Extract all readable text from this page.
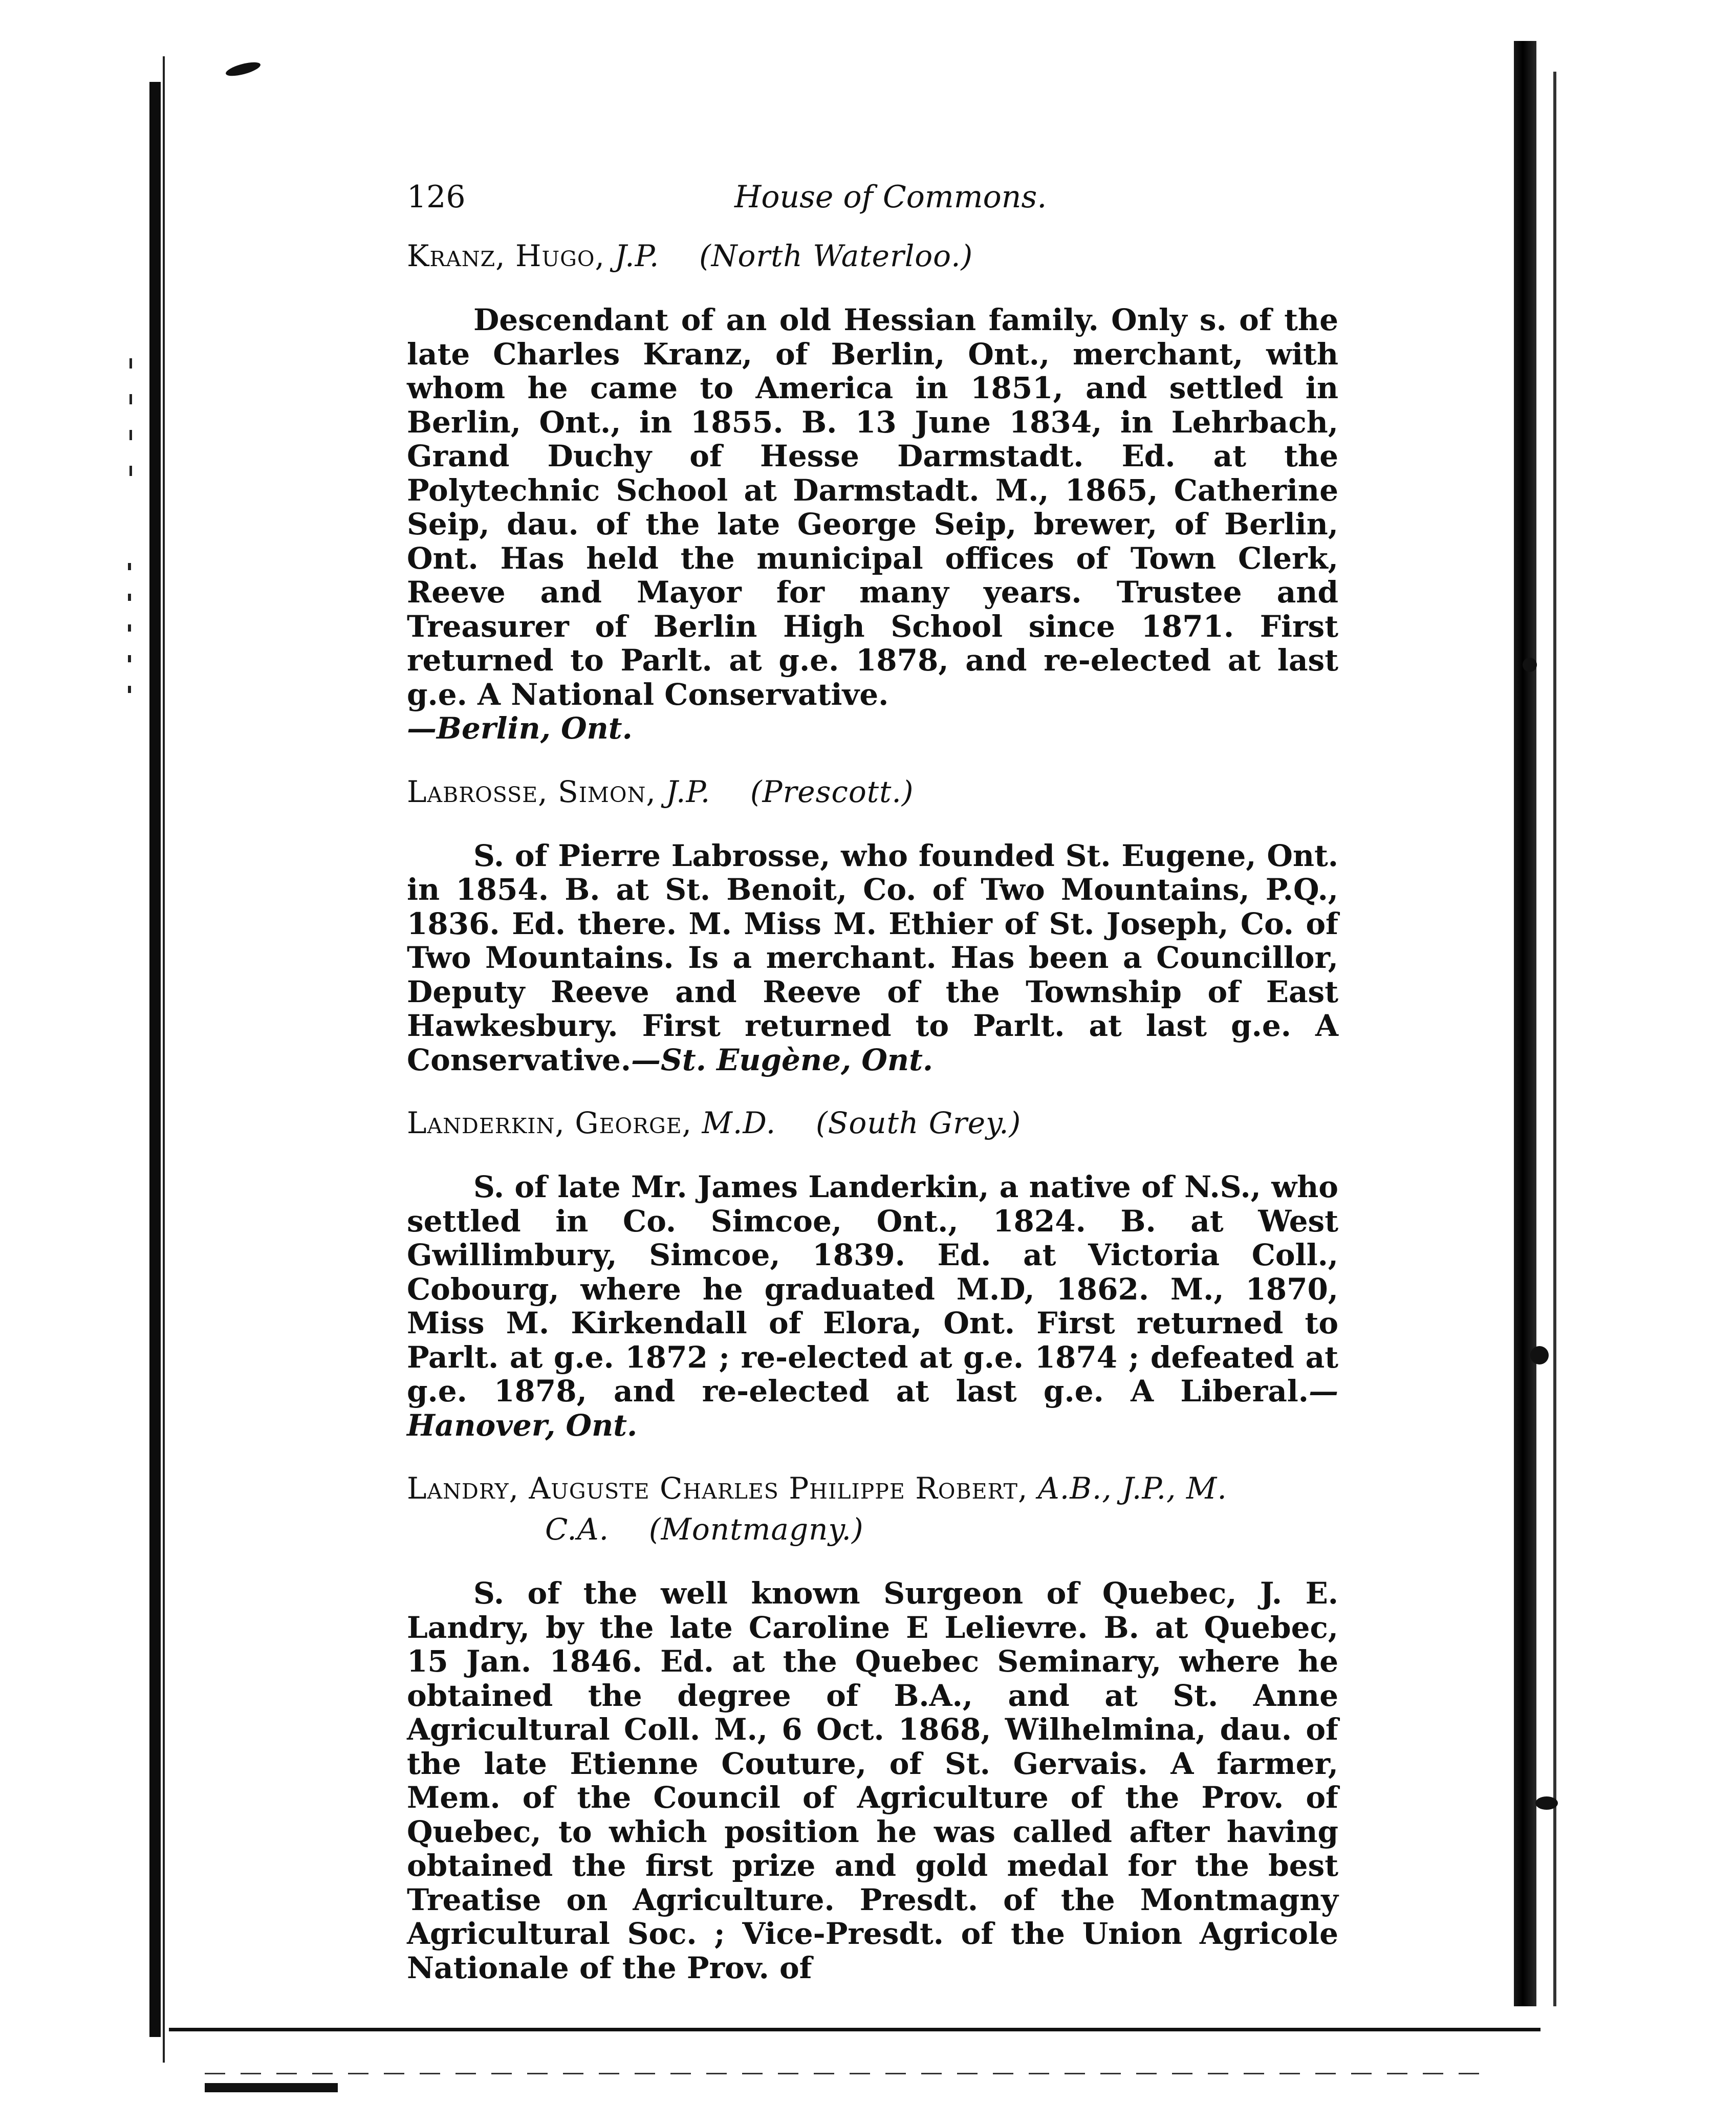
126	House of Commons.
Kranz, Hugo, J.P. (North Waterloo.)

Descendant of an old Hessian family. Only s. of the late Charles Kranz, of Berlin, Ont., merchant, with whom he came to America in 1851, and settled in Berlin, Ont., in 1855. B. 13 June 1834, in Lehrbach, Grand Duchy of Hesse Darmstadt. Ed. at the Polytechnic School at Darmstadt. M., 1865, Catherine Seip, dau. of the late George Seip, brewer, of Berlin, Ont. Has held the municipal offices of Town Clerk, Reeve and Mayor for many years. Trustee and Treasurer of Berlin High School since 1871. First returned to Parlt. at g.e. 1878, and re-elected at last g.e. A National Conservative.
—Berlin, Ont.

Labrosse, Simon, J.P. (Prescott.)

S. of Pierre Labrosse, who founded St. Eugene, Ont. in 1854. B. at St. Benoit, Co. of Two Mountains, P.Q., 1836. Ed. there. M. Miss M. Ethier of St. Joseph, Co. of Two Mountains. Is a merchant. Has been a Councillor, Deputy Reeve and Reeve of the Township of East Hawkesbury. First returned to Parlt. at last g.e. A Conservative.—St. Eugène, Ont.

Landerkin, George, M.D. (South Grey.)

S. of late Mr. James Landerkin, a native of N.S., who settled in Co. Simcoe, Ont., 1824. B. at West Gwillimbury, Simcoe, 1839. Ed. at Victoria Coll., Cobourg, where he graduated M.D, 1862. M., 1870, Miss M. Kirkendall of Elora, Ont. First returned to Parlt. at g.e. 1872 ; re-elected at g.e. 1874 ; defeated at g.e. 1878, and re-elected at last g.e. A Liberal.—Hanover, Ont.

Landry, Auguste Charles Philippe Robert, A.B., J.P., M.
C.A. (Montmagny.)

S. of the well known Surgeon of Quebec, J. E. Landry, by the late Caroline E Lelievre. B. at Quebec, 15 Jan. 1846. Ed. at the Quebec Seminary, where he obtained the degree of B.A., and at St. Anne Agricultural Coll. M., 6 Oct. 1868, Wilhelmina, dau. of the late Etienne Couture, of St. Gervais. A farmer, Mem. of the Council of Agriculture of the Prov. of Quebec, to which position he was called after having obtained the first prize and gold medal for the best Treatise on Agriculture. Presdt. of the Montmagny Agricultural Soc. ; Vice-Presdt. of the Union Agricole Nationale of the Prov. of
